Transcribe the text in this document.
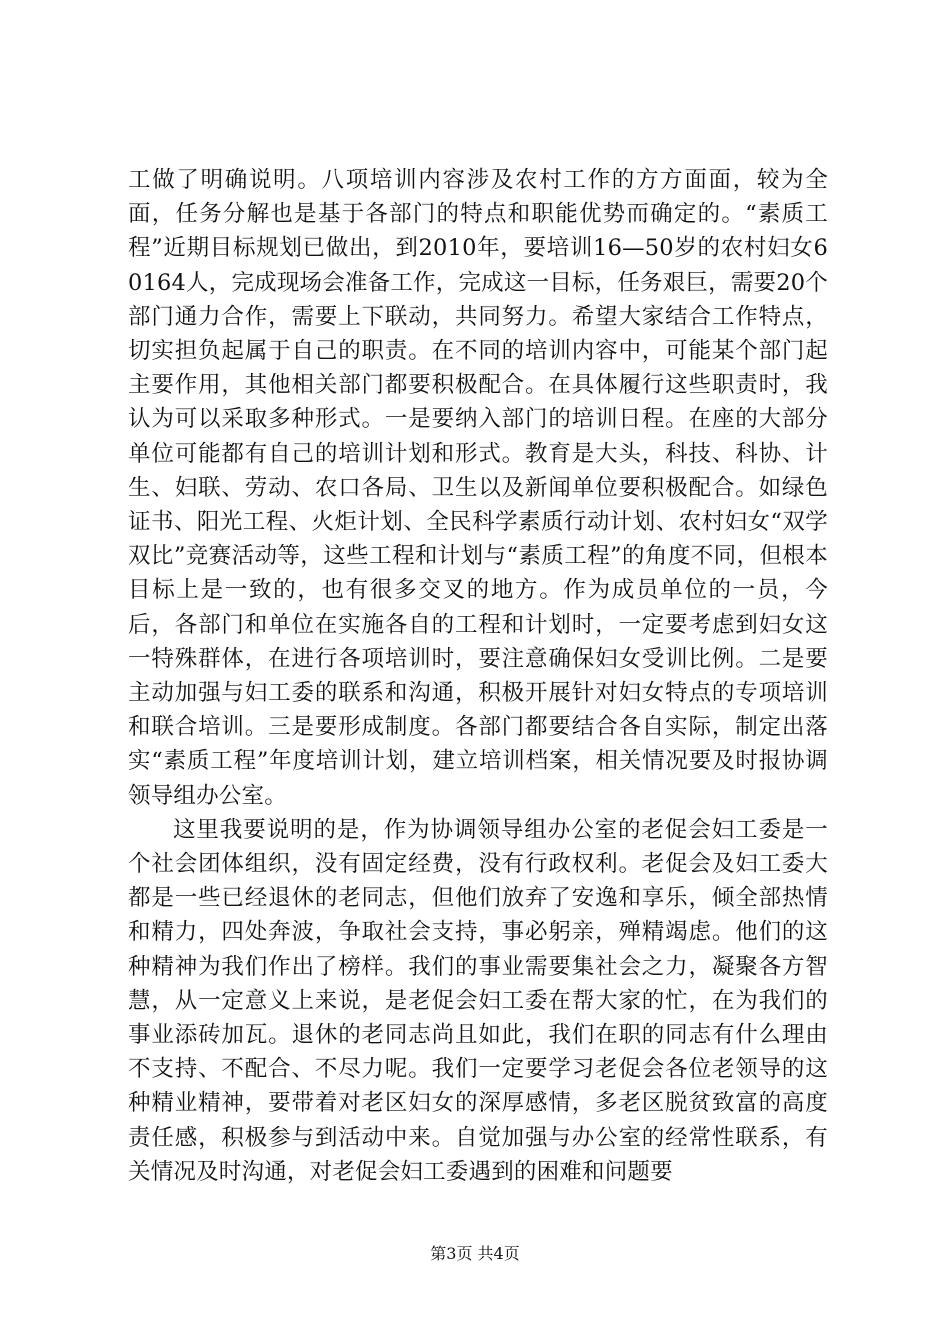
工做了明确说明。八项培训内容涉及农村工作的方方面面，较为全面，任务分解也是基于各部门的特点和职能优势而确定的。“素质工程”近期目标规划已做出，到2010年，要培训16—50岁的农村妇女60164人，完成现场会准备工作，完成这一目标，任务艰巨，需要20个部门通力合作，需要上下联动，共同努力。希望大家结合工作特点，切实担负起属于自己的职责。在不同的培训内容中，可能某个部门起主要作用，其他相关部门都要积极配合。在具体履行这些职责时，我认为可以采取多种形式。一是要纳入部门的培训日程。在座的大部分单位可能都有自己的培训计划和形式。教育是大头，科技、科协、计生、妇联、劳动、农口各局、卫生以及新闻单位要积极配合。如绿色证书、阳光工程、火炬计划、全民科学素质行动计划、农村妇女“双学双比”竞赛活动等，这些工程和计划与“素质工程”的角度不同，但根本目标上是一致的，也有很多交叉的地方。作为成员单位的一员，今后，各部门和单位在实施各自的工程和计划时，一定要考虑到妇女这一特殊群体，在进行各项培训时，要注意确保妇女受训比例。二是要主动加强与妇工委的联系和沟通，积极开展针对妇女特点的专项培训和联合培训。三是要形成制度。各部门都要结合各自实际，制定出落实“素质工程”年度培训计划，建立培训档案，相关情况要及时报协调领导组办公室。

这里我要说明的是，作为协调领导组办公室的老促会妇工委是一个社会团体组织，没有固定经费，没有行政权利。老促会及妇工委大都是一些已经退休的老同志，但他们放弃了安逸和享乐，倾全部热情和精力，四处奔波，争取社会支持，事必躬亲，殚精竭虑。他们的这种精神为我们作出了榜样。我们的事业需要集社会之力，凝聚各方智慧，从一定意义上来说，是老促会妇工委在帮大家的忙，在为我们的事业添砖加瓦。退休的老同志尚且如此，我们在职的同志有什么理由不支持、不配合、不尽力呢。我们一定要学习老促会各位老领导的这种精业精神，要带着对老区妇女的深厚感情，多老区脱贫致富的高度责任感，积极参与到活动中来。自觉加强与办公室的经常性联系，有关情况及时沟通，对老促会妇工委遇到的困难和问题要

第3页 共4页
